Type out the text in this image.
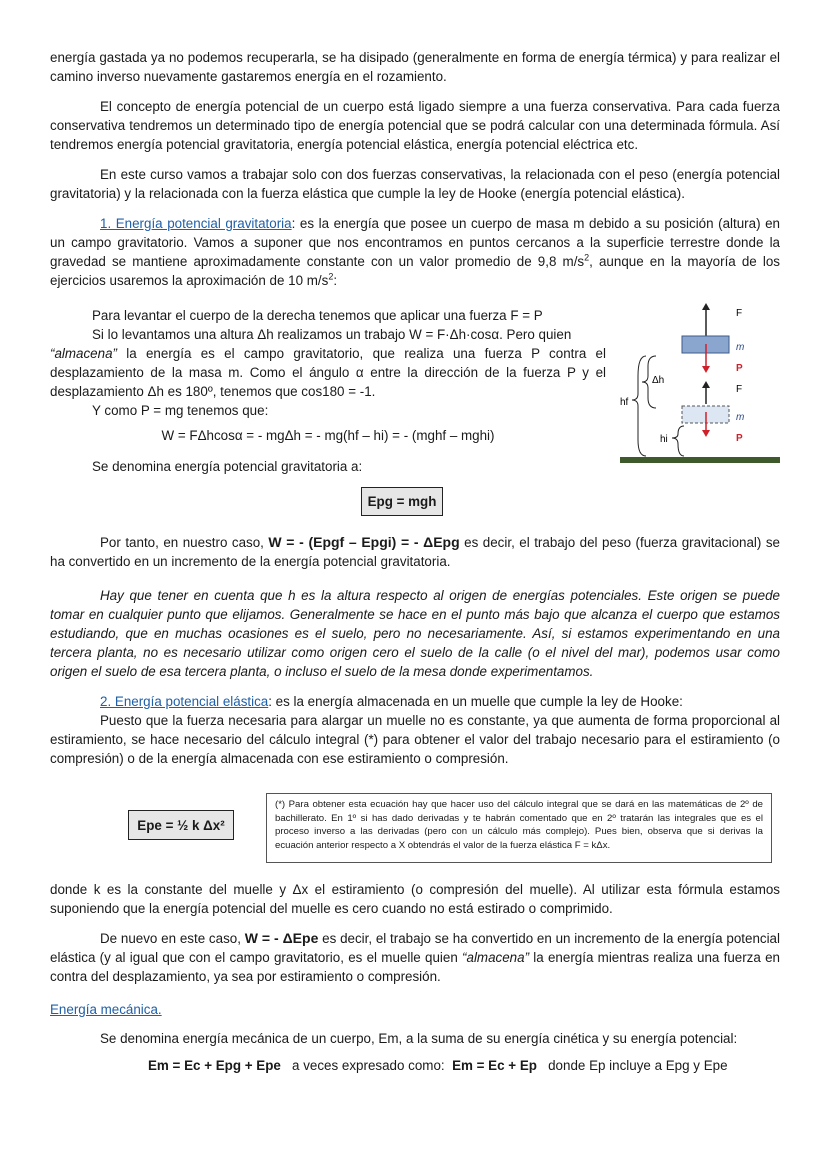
energía gastada ya no podemos recuperarla, se ha disipado (generalmente en forma de energía térmica) y para realizar el camino inverso nuevamente gastaremos energía en el rozamiento.

El concepto de energía potencial de un cuerpo está ligado siempre a una fuerza conservativa. Para cada fuerza conservativa tendremos un determinado tipo de energía potencial que se podrá calcular con una determinada fórmula. Así tendremos energía potencial gravitatoria, energía potencial elástica, energía potencial eléctrica etc.

En este curso vamos a trabajar solo con dos fuerzas conservativas, la relacionada con el peso (energía potencial gravitatoria) y la relacionada con la fuerza elástica que cumple la ley de Hooke (energía potencial elástica).

1. Energía potencial gravitatoria: es la energía que posee un cuerpo de masa m debido a su posición (altura) en un campo gravitatorio. Vamos a suponer que nos encontramos en puntos cercanos a la superficie terrestre donde la gravedad se mantiene aproximadamente constante con un valor promedio de 9,8 $m/s^2$, aunque en la mayoría de los ejercicios usaremos la aproximación de 10 $m/s^2$:

Para levantar el cuerpo de la derecha tenemos que aplicar una fuerza F = P

Si lo levantamos una altura Δh realizamos un trabajo W = F·Δh·cosα. Pero quien

“almacena” la energía es el campo gravitatorio, que realiza una fuerza P contra el desplazamiento de la masa m. Como el ángulo α entre la dirección de la fuerza P y el desplazamiento Δh es 180º, tenemos que cos180 = -1.

Y como P = mg tenemos que:

W = FΔhcosα = - mgΔh = - mg(hf – hi) = - (mghf – mghi)

Se denomina energía potencial gravitatoria a:

F
m
P
F
m
P
Δh
hf
hi
Epg = mgh

Por tanto, en nuestro caso, W = - (Epgf – Epgi) = - ΔEpg es decir, el trabajo del peso (fuerza gravitacional) se ha convertido en un incremento de la energía potencial gravitatoria.

Hay que tener en cuenta que h es la altura respecto al origen de energías potenciales. Este origen se puede tomar en cualquier punto que elijamos. Generalmente se hace en el punto más bajo que alcanza el cuerpo que estamos estudiando, que en muchas ocasiones es el suelo, pero no necesariamente. Así, si estamos experimentando en una tercera planta, no es necesario utilizar como origen cero el suelo de la calle (o el nivel del mar), podemos usar como origen el suelo de esa tercera planta, o incluso el suelo de la mesa donde experimentamos.

2. Energía potencial elástica: es la energía almacenada en un muelle que cumple la ley de Hooke:

Puesto que la fuerza necesaria para alargar un muelle no es constante, ya que aumenta de forma proporcional al estiramiento, se hace necesario del cálculo integral (*) para obtener el valor del trabajo necesario para el estiramiento (o compresión) o de la energía almacenada con ese estiramiento o compresión.

Epe = ½ k Δx²
(*) Para obtener esta ecuación hay que hacer uso del cálculo integral que se dará en las matemáticas de 2º de bachillerato. En 1º si has dado derivadas y te habrán comentado que en 2º tratarán las integrales que es el proceso inverso a las derivadas (pero con un cálculo más complejo). Pues bien, observa que si derivas la ecuación anterior respecto a X obtendrás el valor de la fuerza elástica F = kΔx.

donde k es la constante del muelle y Δx el estiramiento (o compresión del muelle). Al utilizar esta fórmula estamos suponiendo que la energía potencial del muelle es cero cuando no está estirado o comprimido.

De nuevo en este caso, W = - ΔEpe es decir, el trabajo se ha convertido en un incremento de la energía potencial elástica (y al igual que con el campo gravitatorio, es el muelle quien “almacena” la energía mientras realiza una fuerza en contra del desplazamiento, ya sea por estiramiento o compresión.

Energía mecánica.

Se denomina energía mecánica de un cuerpo, Em, a la suma de su energía cinética y su energía potencial:

Em = Ec + Epg + Epe a veces expresado como: Em = Ec + Ep donde Ep incluye a Epg y Epe
